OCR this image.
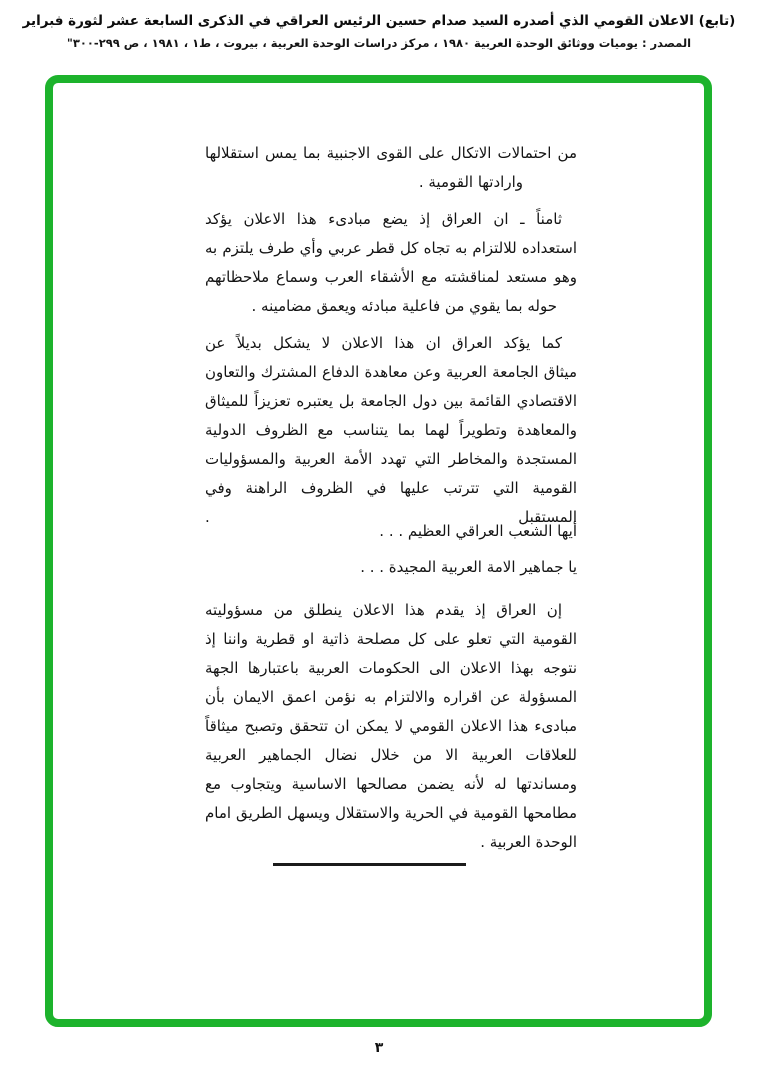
(تابع) الاعلان القومي الذي أصدره السيد صدام حسين الرئيس العراقي في الذكرى السابعة عشر لثورة فبراير
المصدر : يوميات ووثائق الوحدة العربية ١٩٨٠ ، مركز دراسات الوحدة العربية ، بيروت ، ط١ ، ١٩٨١ ، ص ٢٩٩-٣٠٠"
من احتمالات الاتكال على القوى الاجنبية بما يمس استقلالها
وارادتها القومية .
ثامناً ـ ان العراق إذ يضع مبادىء هذا الاعلان يؤكد
استعداده للالتزام به تجاه كل قطر عربي وأي طرف يلتزم به
وهو مستعد لمناقشته مع الأشقاء العرب وسماع ملاحظاتهم
حوله بما يقوي من فاعلية مبادئه ويعمق مضامينه .
كما يؤكد العراق ان هذا الاعلان لا يشكل بديلاً عن
ميثاق الجامعة العربية وعن معاهدة الدفاع المشترك والتعاون
الاقتصادي القائمة بين دول الجامعة بل يعتبره تعزيزاً للميثاق
والمعاهدة وتطويراً لهما بما يتناسب مع الظروف الدولية
المستجدة والمخاطر التي تهدد الأمة العربية والمسؤوليات
القومية التي تترتب عليها في الظروف الراهنة وفي المستقبل .
أيها الشعب العراقي العظيم . . .
يا جماهير الامة العربية المجيدة . . .
إن العراق إذ يقدم هذا الاعلان ينطلق من مسؤوليته
القومية التي تعلو على كل مصلحة ذاتية او قطرية واننا إذ
نتوجه بهذا الاعلان الى الحكومات العربية باعتبارها الجهة
المسؤولة عن اقراره والالتزام به نؤمن اعمق الايمان بأن
مبادىء هذا الاعلان القومي لا يمكن ان تتحقق وتصبح ميثاقاً
للعلاقات العربية الا من خلال نضال الجماهير العربية
ومساندتها له لأنه يضمن مصالحها الاساسية ويتجاوب مع
مطامحها القومية في الحرية والاستقلال ويسهل الطريق امام
الوحدة العربية .
٣
